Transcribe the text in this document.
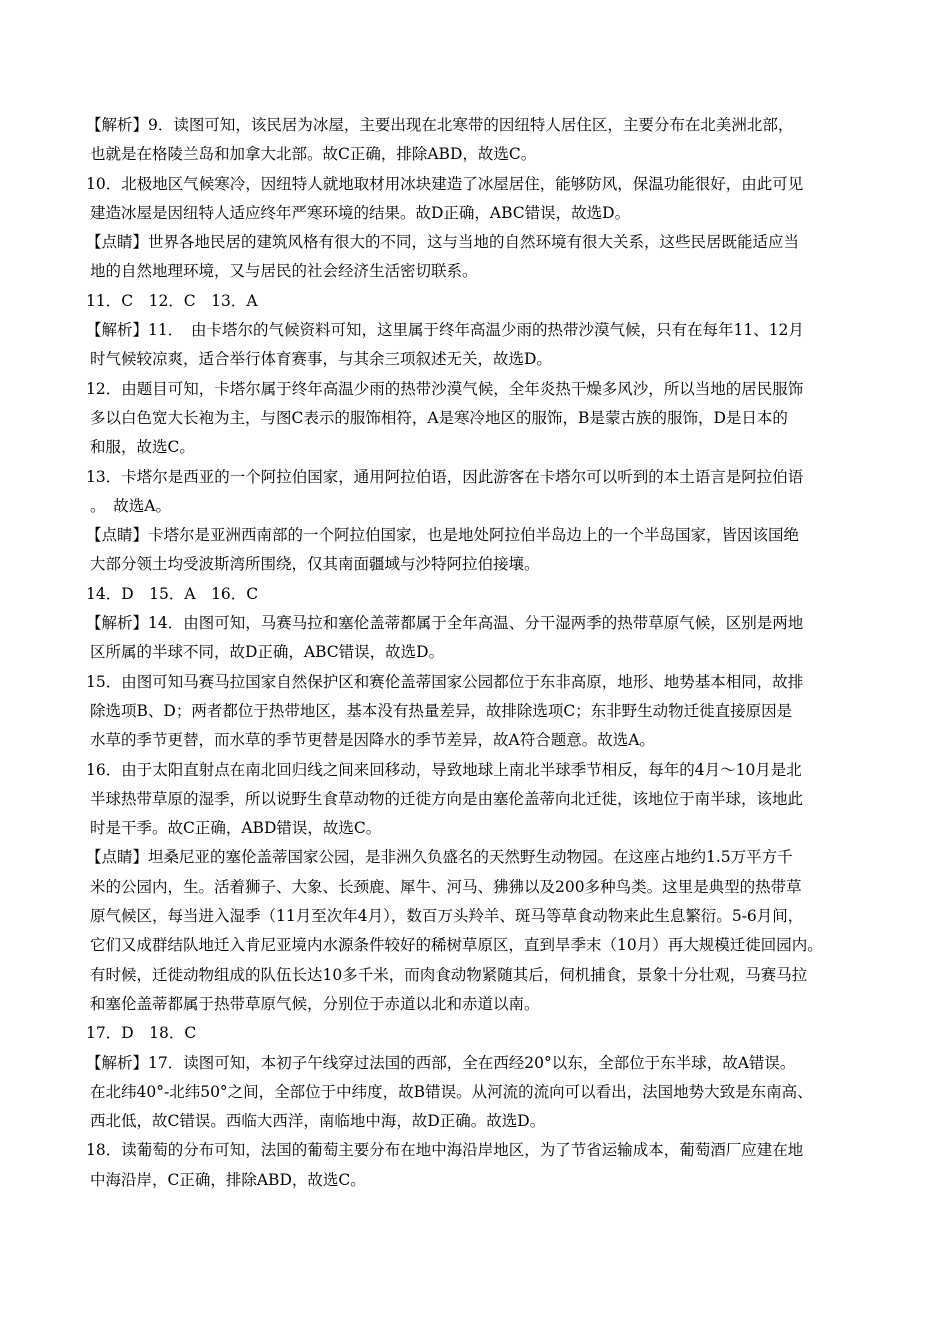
【解析】9．读图可知，该民居为冰屋，主要出现在北寒带的因纽特人居住区，主要分布在北美洲北部，
也就是在格陵兰岛和加拿大北部。故C正确，排除ABD，故选C。
10．北极地区气候寒冷，因纽特人就地取材用冰块建造了冰屋居住，能够防风，保温功能很好，由此可见
建造冰屋是因纽特人适应终年严寒环境的结果。故D正确，ABC错误，故选D。
【点睛】世界各地民居的建筑风格有很大的不同，这与当地的自然环境有很大关系，这些民居既能适应当
地的自然地理环境，又与居民的社会经济生活密切联系。
11．C　12．C　13．A
【解析】11．　由卡塔尔的气候资料可知，这里属于终年高温少雨的热带沙漠气候，只有在每年11、12月
时气候较凉爽，适合举行体育赛事，与其余三项叙述无关，故选D。
12．由题目可知，卡塔尔属于终年高温少雨的热带沙漠气候，全年炎热干燥多风沙，所以当地的居民服饰
多以白色宽大长袍为主，与图C表示的服饰相符，A是寒冷地区的服饰，B是蒙古族的服饰，D是日本的
和服，故选C。
13．卡塔尔是西亚的一个阿拉伯国家，通用阿拉伯语，因此游客在卡塔尔可以听到的本土语言是阿拉伯语
。　故选A。
【点睛】卡塔尔是亚洲西南部的一个阿拉伯国家，也是地处阿拉伯半岛边上的一个半岛国家，皆因该国绝
大部分领土均受波斯湾所围绕，仅其南面疆域与沙特阿拉伯接壤。
14．D　15．A　16．C
【解析】14．由图可知，马赛马拉和塞伦盖蒂都属于全年高温、分干湿两季的热带草原气候，区别是两地
区所属的半球不同，故D正确，ABC错误，故选D。
15．由图可知马赛马拉国家自然保护区和赛伦盖蒂国家公园都位于东非高原，地形、地势基本相同，故排
除选项B、D；两者都位于热带地区，基本没有热量差异，故排除选项C；东非野生动物迁徙直接原因是
水草的季节更替，而水草的季节更替是因降水的季节差异，故A符合题意。故选A。
16．由于太阳直射点在南北回归线之间来回移动，导致地球上南北半球季节相反，每年的4月～10月是北
半球热带草原的湿季，所以说野生食草动物的迁徙方向是由塞伦盖蒂向北迁徙，该地位于南半球，该地此
时是干季。故C正确，ABD错误，故选C。
【点睛】坦桑尼亚的塞伦盖蒂国家公园，是非洲久负盛名的天然野生动物园。在这座占地约1.5万平方千
米的公园内，生。活着狮子、大象、长颈鹿、犀牛、河马、狒狒以及200多种鸟类。这里是典型的热带草
原气候区，每当进入湿季（11月至次年4月），数百万头羚羊、斑马等草食动物来此生息繁衍。5-6月间，
它们又成群结队地迁入肯尼亚境内水源条件较好的稀树草原区，直到旱季末（10月）再大规模迁徙回园内。
有时候，迁徙动物组成的队伍长达10多千米，而肉食动物紧随其后，伺机捕食，景象十分壮观，马赛马拉
和塞伦盖蒂都属于热带草原气候，分别位于赤道以北和赤道以南。
17．D　18．C
【解析】17．读图可知，本初子午线穿过法国的西部，全在西经20°以东，全部位于东半球，故A错误。
在北纬40°-北纬50°之间，全部位于中纬度，故B错误。从河流的流向可以看出，法国地势大致是东南高、
西北低，故C错误。西临大西洋，南临地中海，故D正确。故选D。
18．读葡萄的分布可知，法国的葡萄主要分布在地中海沿岸地区，为了节省运输成本，葡萄酒厂应建在地
中海沿岸，C正确，排除ABD，故选C。
